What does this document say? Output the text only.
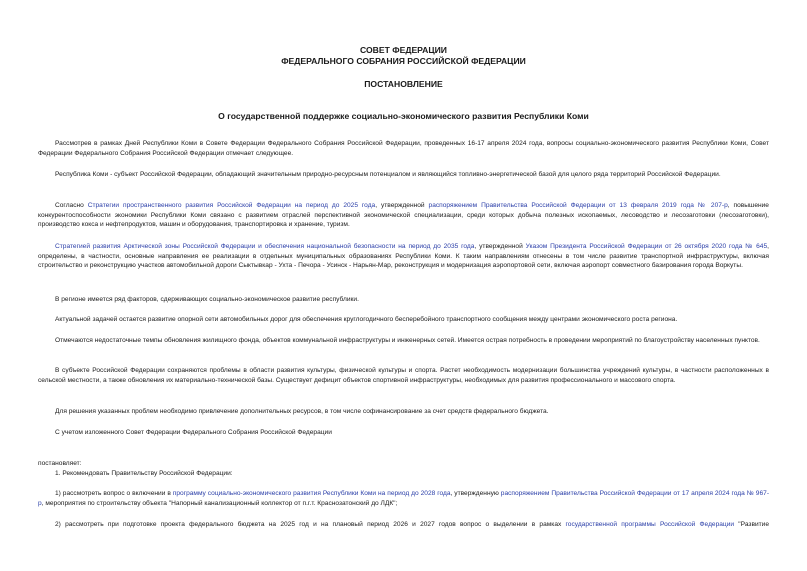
СОВЕТ ФЕДЕРАЦИИ
ФЕДЕРАЛЬНОГО СОБРАНИЯ РОССИЙСКОЙ ФЕДЕРАЦИИ
ПОСТАНОВЛЕНИЕ
О государственной поддержке социально-экономического развития Республики Коми

Рассмотрев в рамках Дней Республики Коми в Совете Федерации Федерального Собрания Российской Федерации, проведенных 16-17 апреля 2024 года, вопросы социально-экономического развития Республики Коми, Совет Федерации Федерального Собрания Российской Федерации отмечает следующее.

Республика Коми - субъект Российской Федерации, обладающий значительным природно-ресурсным потенциалом и являющийся топливно-энергетической базой для целого ряда территорий Российской Федерации.

Согласно Стратегии пространственного развития Российской Федерации на период до 2025 года, утвержденной распоряжением Правительства Российской Федерации от 13 февраля 2019 года № 207-р, повышение конкурентоспособности экономики Республики Коми связано с развитием отраслей перспективной экономической специализации, среди которых добыча полезных ископаемых, лесоводство и лесозаготовки (лесозаготовки), производство кокса и нефтепродуктов, машин и оборудования, транспортировка и хранение, туризм.

Стратегией развития Арктической зоны Российской Федерации и обеспечения национальной безопасности на период до 2035 года, утвержденной Указом Президента Российской Федерации от 26 октября 2020 года № 645, определены, в частности, основные направления ее реализации в отдельных муниципальных образованиях Республики Коми. К таким направлениям отнесены в том числе развитие транспортной инфраструктуры, включая строительство и реконструкцию участков автомобильной дороги Сыктывкар - Ухта - Печора - Усинск - Нарьян-Мар, реконструкция и модернизация аэропортовой сети, включая аэропорт совместного базирования города Воркуты.

В регионе имеется ряд факторов, сдерживающих социально-экономическое развитие республики.

Актуальной задачей остается развитие опорной сети автомобильных дорог для обеспечения круглогодичного бесперебойного транспортного сообщения между центрами экономического роста региона.

Отмечаются недостаточные темпы обновления жилищного фонда, объектов коммунальной инфраструктуры и инженерных сетей. Имеется острая потребность в проведении мероприятий по благоустройству населенных пунктов.

В субъекте Российской Федерации сохраняются проблемы в области развития культуры, физической культуры и спорта. Растет необходимость модернизации большинства учреждений культуры, в частности расположенных в сельской местности, а также обновления их материально-технической базы. Существует дефицит объектов спортивной инфраструктуры, необходимых для развития профессионального и массового спорта.

Для решения указанных проблем необходимо привлечение дополнительных ресурсов, в том числе софинансирование за счет средств федерального бюджета.

С учетом изложенного Совет Федерации Федерального Собрания Российской Федерации

постановляет:

1. Рекомендовать Правительству Российской Федерации:

1) рассмотреть вопрос о включении в программу социально-экономического развития Республики Коми на период до 2028 года, утвержденную распоряжением Правительства Российской Федерации от 17 апреля 2024 года № 967-р, мероприятия по строительству объекта "Напорный канализационный коллектор от п.г.т. Краснозатонский до ЛДК";

2) рассмотреть при подготовке проекта федерального бюджета на 2025 год и на плановый период 2026 и 2027 годов вопрос о выделении в рамках государственной программы Российской Федерации "Развитие
